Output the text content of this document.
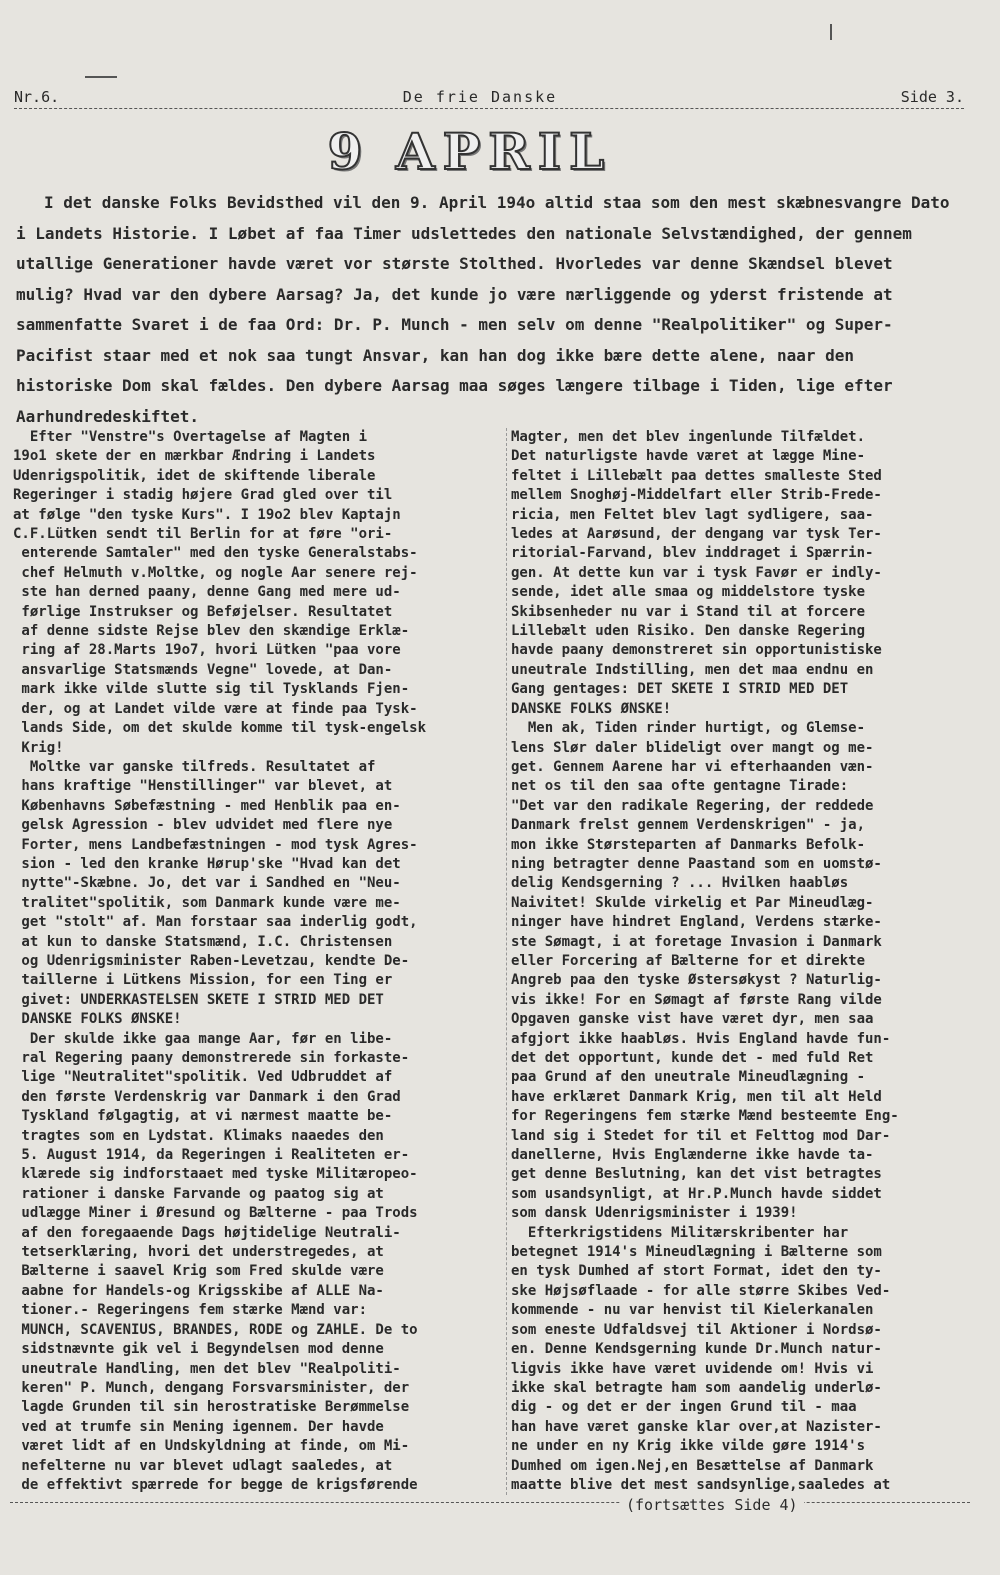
Nr.6.	De frie Danske	Side 3.
9 APRIL

I det danske Folks Bevidsthed vil den 9. April 194o altid staa som den mest skæbnesvangre Dato i Landets Historie. I Løbet af faa Timer udslettedes den nationale Selvstændighed, der gennem utallige Generationer havde været vor største Stolthed. Hvorledes var denne Skændsel blevet mulig? Hvad var den dybere Aarsag? Ja, det kunde jo være nærliggende og yderst fristende at sammenfatte Svaret i de faa Ord: Dr. P. Munch - men selv om denne "Realpolitiker" og Super-Pacifist staar med et nok saa tungt Ansvar, kan han dog ikke bære dette alene, naar den historiske Dom skal fældes. Den dybere Aarsag maa søges længere tilbage i Tiden, lige efter Aarhundredeskiftet.

Efter "Venstre"s Overtagelse af Magten i
19o1 skete der en mærkbar Ændring i Landets
Udenrigspolitik, idet de skiftende liberale
Regeringer i stadig højere Grad gled over til
at følge "den tyske Kurs". I 19o2 blev Kaptajn
C.F.Lütken sendt til Berlin for at føre "ori-
enterende Samtaler" med den tyske Generalstabs-
chef Helmuth v.Moltke, og nogle Aar senere rej-
ste han derned paany, denne Gang med mere ud-
førlige Instrukser og Beføjelser. Resultatet
af denne sidste Rejse blev den skændige Erklæ-
ring af 28.Marts 19o7, hvori Lütken "paa vore
ansvarlige Statsmænds Vegne" lovede, at Dan-
mark ikke vilde slutte sig til Tysklands Fjen-
der, og at Landet vilde være at finde paa Tysk-
lands Side, om det skulde komme til tysk-engelsk
Krig!
Moltke var ganske tilfreds. Resultatet af
hans kraftige "Henstillinger" var blevet, at
Københavns Søbefæstning - med Henblik paa en-
gelsk Agression - blev udvidet med flere nye
Forter, mens Landbefæstningen - mod tysk Agres-
sion - led den kranke Hørup'ske "Hvad kan det
nytte"-Skæbne. Jo, det var i Sandhed en "Neu-
tralitet"spolitik, som Danmark kunde være me-
get "stolt" af. Man forstaar saa inderlig godt,
at kun to danske Statsmænd, I.C. Christensen
og Udenrigsminister Raben-Levetzau, kendte De-
taillerne i Lütkens Mission, for een Ting er
givet: UNDERKASTELSEN SKETE I STRID MED DET
DANSKE FOLKS ØNSKE!
Der skulde ikke gaa mange Aar, før en libe-
ral Regering paany demonstrerede sin forkaste-
lige "Neutralitet"spolitik. Ved Udbruddet af
den første Verdenskrig var Danmark i den Grad
Tyskland følgagtig, at vi nærmest maatte be-
tragtes som en Lydstat. Klimaks naaedes den
5. August 1914, da Regeringen i Realiteten er-
klærede sig indforstaaet med tyske Militæropeo-
rationer i danske Farvande og paatog sig at
udlægge Miner i Øresund og Bælterne - paa Trods
af den foregaaende Dags højtidelige Neutrali-
tetserklæring, hvori det understregedes, at
Bælterne i saavel Krig som Fred skulde være
aabne for Handels-og Krigsskibe af ALLE Na-
tioner.- Regeringens fem stærke Mænd var:
MUNCH, SCAVENIUS, BRANDES, RODE og ZAHLE. De to
sidstnævnte gik vel i Begyndelsen mod denne
uneutrale Handling, men det blev "Realpoliti-
keren" P. Munch, dengang Forsvarsminister, der
lagde Grunden til sin herostratiske Berømmelse
ved at trumfe sin Mening igennem. Der havde
været lidt af en Undskyldning at finde, om Mi-
nefelterne nu var blevet udlagt saaledes, at
de effektivt spærrede for begge de krigsførende

Magter, men det blev ingenlunde Tilfældet.
Det naturligste havde været at lægge Mine-
feltet i Lillebælt paa dettes smalleste Sted
mellem Snoghøj-Middelfart eller Strib-Frede-
ricia, men Feltet blev lagt sydligere, saa-
ledes at Aarøsund, der dengang var tysk Ter-
ritorial-Farvand, blev inddraget i Spærrin-
gen. At dette kun var i tysk Favør er indly-
sende, idet alle smaa og middelstore tyske
Skibsenheder nu var i Stand til at forcere
Lillebælt uden Risiko. Den danske Regering
havde paany demonstreret sin opportunistiske
uneutrale Indstilling, men det maa endnu en
Gang gentages: DET SKETE I STRID MED DET
DANSKE FOLKS ØNSKE!
Men ak, Tiden rinder hurtigt, og Glemse-
lens Slør daler blideligt over mangt og me-
get. Gennem Aarene har vi efterhaanden væn-
net os til den saa ofte gentagne Tirade:
"Det var den radikale Regering, der reddede
Danmark frelst gennem Verdenskrigen" - ja,
mon ikke Størsteparten af Danmarks Befolk-
ning betragter denne Paastand som en uomstø-
delig Kendsgerning ? ... Hvilken haabløs
Naivitet! Skulde virkelig et Par Mineudlæg-
ninger have hindret England, Verdens stærke-
ste Sømagt, i at foretage Invasion i Danmark
eller Forcering af Bælterne for et direkte
Angreb paa den tyske Østersøkyst ? Naturlig-
vis ikke! For en Sømagt af første Rang vilde
Opgaven ganske vist have været dyr, men saa
afgjort ikke haabløs. Hvis England havde fun-
det det opportunt, kunde det - med fuld Ret
paa Grund af den uneutrale Mineudlægning -
have erklæret Danmark Krig, men til alt Held
for Regeringens fem stærke Mænd besteemte Eng-
land sig i Stedet for til et Felttog mod Dar-
danellerne, Hvis Englænderne ikke havde ta-
get denne Beslutning, kan det vist betragtes
som usandsynligt, at Hr.P.Munch havde siddet
som dansk Udenrigsminister i 1939!
Efterkrigstidens Militærskribenter har
betegnet 1914's Mineudlægning i Bælterne som
en tysk Dumhed af stort Format, idet den ty-
ske Højsøflaade - for alle større Skibes Ved-
kommende - nu var henvist til Kielerkanalen
som eneste Udfaldsvej til Aktioner i Nordsø-
en. Denne Kendsgerning kunde Dr.Munch natur-
ligvis ikke have været uvidende om! Hvis vi
ikke skal betragte ham som aandelig underlø-
dig - og det er der ingen Grund til - maa
han have været ganske klar over,at Nazister-
ne under en ny Krig ikke vilde gøre 1914's
Dumhed om igen.Nej,en Besættelse af Danmark
maatte blive det mest sandsynlige,saaledes at

(fortsættes Side 4)
